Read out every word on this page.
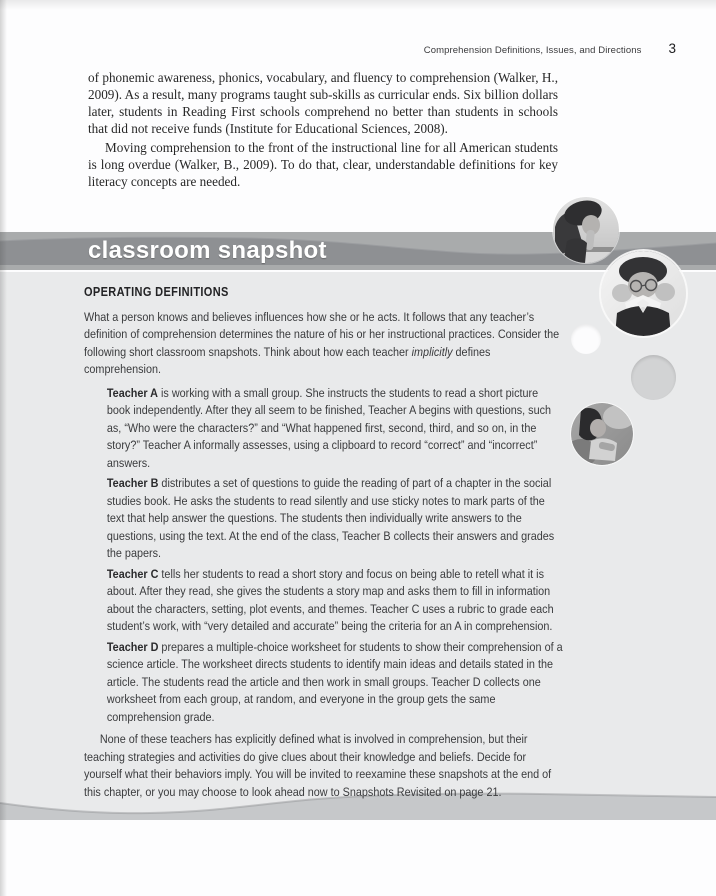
Comprehension Definitions, Issues, and Directions 3

of phonemic awareness, phonics, vocabulary, and fluency to comprehension (Walker, H., 2009). As a result, many programs taught sub-skills as curricular ends. Six billion dollars later, students in Reading First schools comprehend no better than students in schools that did not receive funds (Institute for Educational Sciences, 2008).

Moving comprehension to the front of the instructional line for all American students is long overdue (Walker, B., 2009). To do that, clear, understandable definitions for key literacy concepts are needed.

classroom snapshot
OPERATING DEFINITIONS

What a person knows and believes influences how she or he acts. It follows that any teacher’s definition of comprehension determines the nature of his or her instructional practices. Consider the following short classroom snapshots. Think about how each teacher implicitly defines comprehension.

Teacher A is working with a small group. She instructs the students to read a short picture book independently. After they all seem to be finished, Teacher A begins with questions, such as, “Who were the characters?” and “What happened first, second, third, and so on, in the story?” Teacher A informally assesses, using a clipboard to record “correct” and “incorrect” answers.

Teacher B distributes a set of questions to guide the reading of part of a chapter in the social studies book. He asks the students to read silently and use sticky notes to mark parts of the text that help answer the questions. The students then individually write answers to the questions, using the text. At the end of the class, Teacher B collects their answers and grades the papers.

Teacher C tells her students to read a short story and focus on being able to retell what it is about. After they read, she gives the students a story map and asks them to fill in information about the characters, setting, plot events, and themes. Teacher C uses a rubric to grade each student’s work, with “very detailed and accurate” being the criteria for an A in comprehension.

Teacher D prepares a multiple-choice worksheet for students to show their comprehension of a science article. The worksheet directs students to identify main ideas and details stated in the article. The students read the article and then work in small groups. Teacher D collects one worksheet from each group, at random, and everyone in the group gets the same comprehension grade.

None of these teachers has explicitly defined what is involved in comprehension, but their teaching strategies and activities do give clues about their knowledge and beliefs. Decide for yourself what their behaviors imply. You will be invited to reexamine these snapshots at the end of this chapter, or you may choose to look ahead now to Snapshots Revisited on page 21.
